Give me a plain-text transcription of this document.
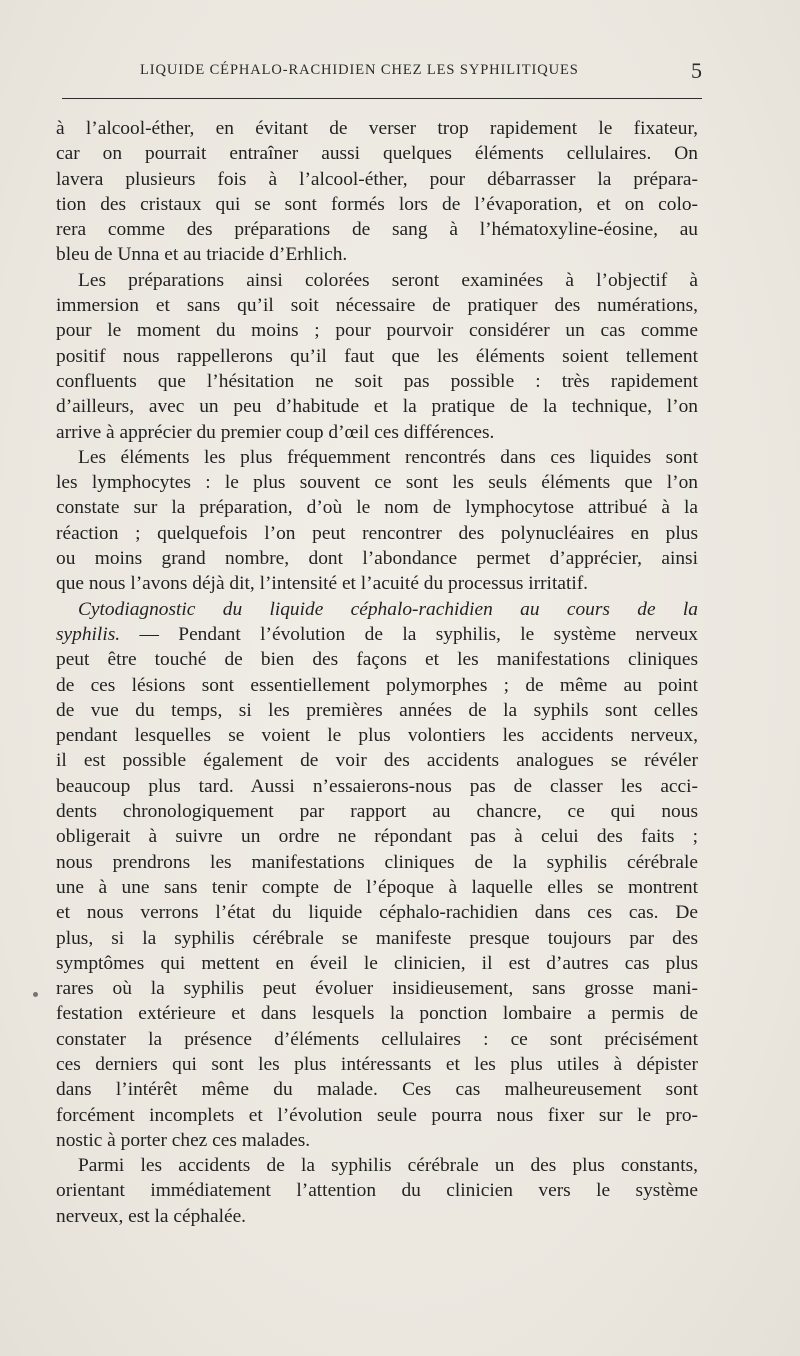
LIQUIDE CÉPHALO-RACHIDIEN CHEZ LES SYPHILITIQUES	5
à l’alcool-éther, en évitant de verser trop rapidement le fixateur,
car on pourrait entraîner aussi quelques éléments cellulaires. On
lavera plusieurs fois à l’alcool-éther, pour débarrasser la prépara-
tion des cristaux qui se sont formés lors de l’évaporation, et on colo-
rera comme des préparations de sang à l’hématoxyline-éosine, au
bleu de Unna et au triacide d’Erhlich.
Les préparations ainsi colorées seront examinées à l’objectif à
immersion et sans qu’il soit nécessaire de pratiquer des numérations,
pour le moment du moins ; pour pourvoir considérer un cas comme
positif nous rappellerons qu’il faut que les éléments soient tellement
confluents que l’hésitation ne soit pas possible : très rapidement
d’ailleurs, avec un peu d’habitude et la pratique de la technique, l’on
arrive à apprécier du premier coup d’œil ces différences.
Les éléments les plus fréquemment rencontrés dans ces liquides sont
les lymphocytes : le plus souvent ce sont les seuls éléments que l’on
constate sur la préparation, d’où le nom de lymphocytose attribué à la
réaction ; quelquefois l’on peut rencontrer des polynucléaires en plus
ou moins grand nombre, dont l’abondance permet d’apprécier, ainsi
que nous l’avons déjà dit, l’intensité et l’acuité du processus irritatif.
Cytodiagnostic du liquide céphalo-rachidien au cours de la
syphilis. — Pendant l’évolution de la syphilis, le système nerveux
peut être touché de bien des façons et les manifestations cliniques
de ces lésions sont essentiellement polymorphes ; de même au point
de vue du temps, si les premières années de la syphils sont celles
pendant lesquelles se voient le plus volontiers les accidents nerveux,
il est possible également de voir des accidents analogues se révéler
beaucoup plus tard. Aussi n’essaierons-nous pas de classer les acci-
dents chronologiquement par rapport au chancre, ce qui nous
obligerait à suivre un ordre ne répondant pas à celui des faits ;
nous prendrons les manifestations cliniques de la syphilis cérébrale
une à une sans tenir compte de l’époque à laquelle elles se montrent
et nous verrons l’état du liquide céphalo-rachidien dans ces cas. De
plus, si la syphilis cérébrale se manifeste presque toujours par des
symptômes qui mettent en éveil le clinicien, il est d’autres cas plus
rares où la syphilis peut évoluer insidieusement, sans grosse mani-
festation extérieure et dans lesquels la ponction lombaire a permis de
constater la présence d’éléments cellulaires : ce sont précisément
ces derniers qui sont les plus intéressants et les plus utiles à dépister
dans l’intérêt même du malade. Ces cas malheureusement sont
forcément incomplets et l’évolution seule pourra nous fixer sur le pro-
nostic à porter chez ces malades.
Parmi les accidents de la syphilis cérébrale un des plus constants,
orientant immédiatement l’attention du clinicien vers le système
nerveux, est la céphalée.
